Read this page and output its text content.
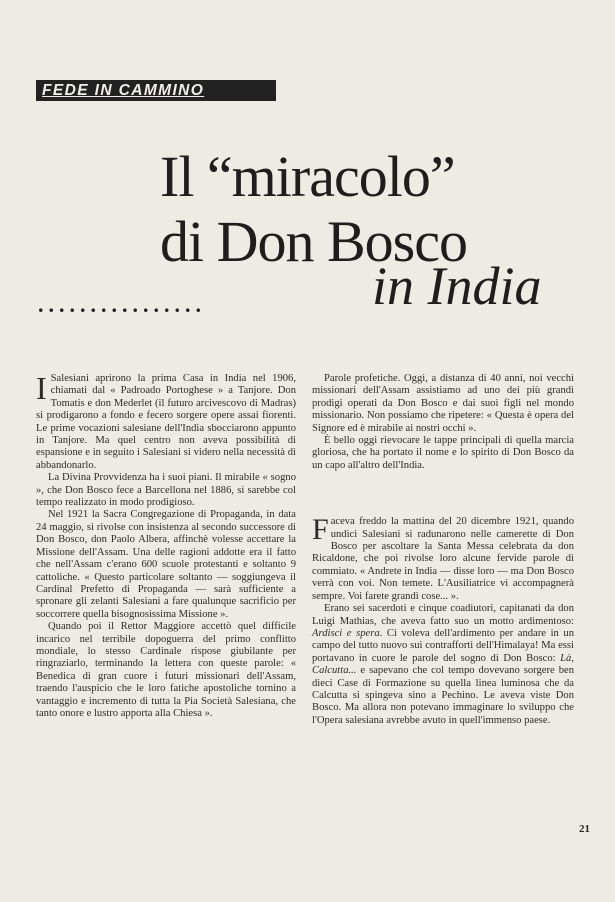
FEDE IN CAMMINO
Il “miracolo”
di Don Bosco
................	in India

I Salesiani aprirono la prima Casa in India nel 1906, chiamati dal « Padroado Portoghese » a Tanjore. Don Tomatis e don Mederlet (il futuro arcivescovo di Madras) si prodigarono a fondo e fecero sorgere opere assai fiorenti. Le prime vocazioni salesiane dell'India sbocciarono appunto in Tanjore. Ma quel centro non aveva possibilità di espansione e in seguito i Salesiani si videro nella necessità di abbandonarlo.

La Divina Provvidenza ha i suoi piani. Il mirabile « sogno », che Don Bosco fece a Barcellona nel 1886, si sarebbe col tempo realizzato in modo prodigioso.

Nel 1921 la Sacra Congregazione di Propaganda, in data 24 maggio, si rivolse con insistenza al secondo successore di Don Bosco, don Paolo Albera, affinchè volesse accettare la Missione dell'Assam. Una delle ragioni addotte era il fatto che nell'Assam c'erano 600 scuole protestanti e soltanto 9 cattoliche. « Questo particolare soltanto — soggiungeva il Cardinal Prefetto di Propaganda — sarà sufficiente a spronare gli zelanti Salesiani a fare qualunque sacrificio per soccorrere quella bisognosissima Missione ».

Quando poi il Rettor Maggiore accettò quel difficile incarico nel terribile dopoguerra del primo conflitto mondiale, lo stesso Cardinale rispose giubilante per ringraziarlo, terminando la lettera con queste parole: « Benedica di gran cuore i futuri missionari dell'Assam, traendo l'auspicio che le loro fatiche apostoliche tornino a vantaggio e incremento di tutta la Pia Società Salesiana, che tanto onore e lustro apporta alla Chiesa ».

Parole profetiche. Oggi, a distanza di 40 anni, noi vecchi missionari dell'Assam assistiamo ad uno dei più grandi prodigi operati da Don Bosco e dai suoi figli nel mondo missionario. Non possiamo che ripetere: « Questa è opera del Signore ed è mirabile ai nostri occhi ».

È bello oggi rievocare le tappe principali di quella marcia gloriosa, che ha portato il nome e lo spirito di Don Bosco da un capo all'altro dell'India.

Faceva freddo la mattina del 20 dicembre 1921, quando undici Salesiani si radunarono nelle camerette di Don Bosco per ascoltare la Santa Messa celebrata da don Ricaldone, che poi rivolse loro alcune fervide parole di commiato. « Andrete in India — disse loro — ma Don Bosco verrà con voi. Non temete. L'Ausiliatrice vi accompagnerà sempre. Voi farete grandi cose... ».

Erano sei sacerdoti e cinque coadiutori, capitanati da don Luigi Mathias, che aveva fatto suo un motto ardimentoso: Ardisci e spera. Ci voleva dell'ardimento per andare in un campo del tutto nuovo sui contrafforti dell'Himalaya! Ma essi portavano in cuore le parole del sogno di Don Bosco: Là, Calcutta... e sapevano che col tempo dovevano sorgere ben dieci Case di Formazione su quella linea luminosa che da Calcutta si spingeva sino a Pechino. Le aveva viste Don Bosco. Ma allora non potevano immaginare lo sviluppo che l'Opera salesiana avrebbe avuto in quell'immenso paese.

21
